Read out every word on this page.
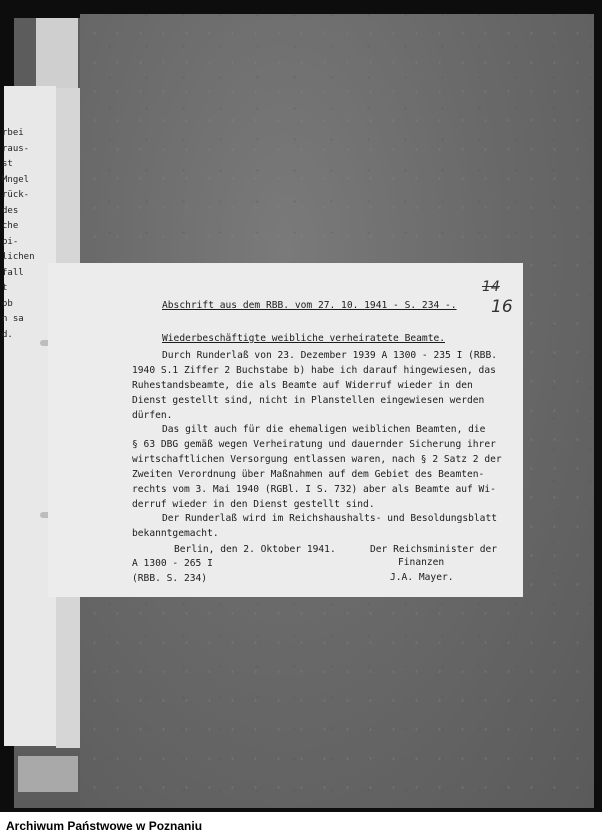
rbei
raus-
st
Mngel
rück-
des
che
pi-
lichen
fall
t
ob
n sa
d.
14
16
Abschrift aus dem RBB. vom 27. 10. 1941 - S. 234 -.
Wiederbeschäftigte weibliche verheiratete Beamte.
Durch Runderlaß von 23. Dezember 1939 A 1300 - 235 I (RBB.
1940 S.1 Ziffer 2 Buchstabe b) habe ich darauf hingewiesen, das
Ruhestandsbeamte, die als Beamte auf Widerruf wieder in den
Dienst gestellt sind, nicht in Planstellen eingewiesen werden
dürfen.
Das gilt auch für die ehemaligen weiblichen Beamten, die
§ 63 DBG gemäß wegen Verheiratung und dauernder Sicherung ihrer
wirtschaftlichen Versorgung entlassen waren, nach § 2 Satz 2 der
Zweiten Verordnung über Maßnahmen auf dem Gebiet des Beamten-
rechts vom 3. Mai 1940 (RGBl. I S. 732) aber als Beamte auf Wi-
derruf wieder in den Dienst gestellt sind.
Der Runderlaß wird im Reichshaushalts- und Besoldungsblatt
bekanntgemacht.
Berlin, den 2. Oktober 1941.
A 1300 - 265 I
(RBB. S. 234)
Der Reichsminister der
Finanzen
J.A. Mayer.
Archiwum Państwowe w Poznaniu
